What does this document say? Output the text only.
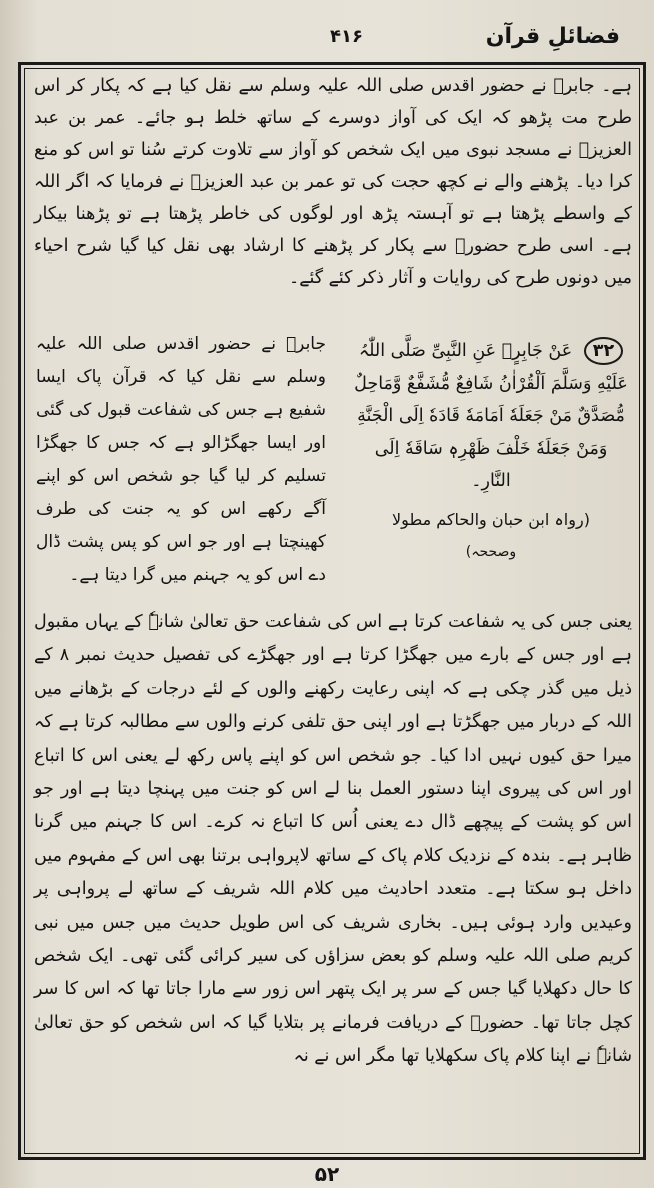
فضائلِ قرآن
۴۱۶
ہے۔ جابرؓ نے حضور اقدس صلی اللہ علیہ وسلم سے نقل کیا ہے کہ پکار کر اس طرح مت پڑھو کہ ایک کی آواز دوسرے کے ساتھ خلط ہو جائے۔ عمر بن عبد العزیزؒ نے مسجد نبوی میں ایک شخص کو آواز سے تلاوت کرتے سُنا تو اس کو منع کرا دیا۔ پڑھنے والے نے کچھ حجت کی تو عمر بن عبد العزیزؒ نے فرمایا کہ اگر اللہ کے واسطے پڑھتا ہے تو آہستہ پڑھ اور لوگوں کی خاطر پڑھتا ہے تو پڑھنا بیکار ہے۔ اسی طرح حضورؐ سے پکار کر پڑھنے کا ارشاد بھی نقل کیا گیا شرح احیاء میں دونوں طرح کی روایات و آثار ذکر کئے گئے۔
۳۲ عَنْ جَابِرٍؓ عَنِ النَّبِیِّ صَلَّی اللّٰہُ عَلَیْهِ وَسَلَّمَ اَلْقُرْاٰنُ شَافِعٌ مُّشَفَّعٌ وَّمَاحِلٌ مُّصَدَّقٌ مَنْ جَعَلَهٗ اَمَامَهٗ قَادَهٗ اِلَی الْجَنَّةِ وَمَنْ جَعَلَهٗ خَلْفَ ظَهْرِهٖ سَاقَهٗ اِلَی النَّارِ۔
(رواہ ابن حبان والحاکم مطولا
وصححہ)
جابرؓ نے حضور اقدس صلی اللہ علیہ وسلم سے نقل کیا کہ قرآن پاک ایسا شفیع ہے جس کی شفاعت قبول کی گئی اور ایسا جھگڑالو ہے کہ جس کا جھگڑا تسلیم کر لیا گیا جو شخص اس کو اپنے آگے رکھے اس کو یہ جنت کی طرف کھینچتا ہے اور جو اس کو پس پشت ڈال دے اس کو یہ جہنم میں گرا دیتا ہے۔
یعنی جس کی یہ شفاعت کرتا ہے اس کی شفاعت حق تعالیٰ شانہٗ کے یہاں مقبول ہے اور جس کے بارے میں جھگڑا کرتا ہے اور جھگڑے کی تفصیل حدیث نمبر ۸ کے ذیل میں گذر چکی ہے کہ اپنی رعایت رکھنے والوں کے لئے درجات کے بڑھانے میں اللہ کے دربار میں جھگڑتا ہے اور اپنی حق تلفی کرنے والوں سے مطالبہ کرتا ہے کہ میرا حق کیوں نہیں ادا کیا۔ جو شخص اس کو اپنے پاس رکھ لے یعنی اس کا اتباع اور اس کی پیروی اپنا دستور العمل بنا لے اس کو جنت میں پہنچا دیتا ہے اور جو اس کو پشت کے پیچھے ڈال دے یعنی اُس کا اتباع نہ کرے۔ اس کا جہنم میں گرنا ظاہر ہے۔ بندہ کے نزدیک کلام پاک کے ساتھ لاپرواہی برتنا بھی اس کے مفہوم میں داخل ہو سکتا ہے۔ متعدد احادیث میں کلام اللہ شریف کے ساتھ لے پرواہی پر وعیدیں وارد ہوئی ہیں۔ بخاری شریف کی اس طویل حدیث میں جس میں نبی کریم صلی اللہ علیہ وسلم کو بعض سزاؤں کی سیر کرائی گئی تھی۔ ایک شخص کا حال دکھلایا گیا جس کے سر پر ایک پتھر اس زور سے مارا جاتا تھا کہ اس کا سر کچل جاتا تھا۔ حضورؐ کے دریافت فرمانے پر بتلایا گیا کہ اس شخص کو حق تعالیٰ شانہٗ نے اپنا کلام پاک سکھلایا تھا مگر اس نے نہ
۵۲
